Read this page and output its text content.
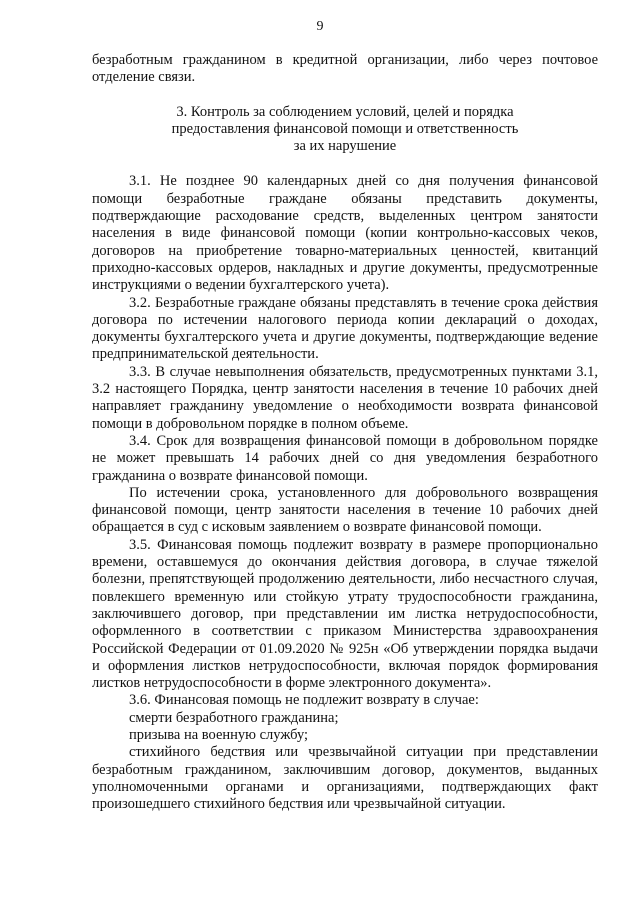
9

безработным гражданином в кредитной организации, либо через почтовое отделение связи.

3. Контроль за соблюдением условий, целей и порядка
предоставления финансовой помощи и ответственность
за их нарушение

3.1. Не позднее 90 календарных дней со дня получения финансовой помощи безработные граждане обязаны представить документы, подтверждающие расходование средств, выделенных центром занятости населения в виде финансовой помощи (копии контрольно-кассовых чеков, договоров на приобретение товарно-материальных ценностей, квитанций приходно-кассовых ордеров, накладных и другие документы, предусмотренные инструкциями о ведении бухгалтерского учета).

3.2. Безработные граждане обязаны представлять в течение срока действия договора по истечении налогового периода копии деклараций о доходах, документы бухгалтерского учета и другие документы, подтверждающие ведение предпринимательской деятельности.

3.3. В случае невыполнения обязательств, предусмотренных пунктами 3.1, 3.2 настоящего Порядка, центр занятости населения в течение 10 рабочих дней направляет гражданину уведомление о необходимости возврата финансовой помощи в добровольном порядке в полном объеме.

3.4. Срок для возвращения финансовой помощи в добровольном порядке не может превышать 14 рабочих дней со дня уведомления безработного гражданина о возврате финансовой помощи.

По истечении срока, установленного для добровольного возвращения финансовой помощи, центр занятости населения в течение 10 рабочих дней обращается в суд с исковым заявлением о возврате финансовой помощи.

3.5. Финансовая помощь подлежит возврату в размере пропорционально времени, оставшемуся до окончания действия договора, в случае тяжелой болезни, препятствующей продолжению деятельности, либо несчастного случая, повлекшего временную или стойкую утрату трудоспособности гражданина, заключившего договор, при представлении им листка нетрудоспособности, оформленного в соответствии с приказом Министерства здравоохранения Российской Федерации от 01.09.2020 № 925н «Об утверждении порядка выдачи и оформления листков нетрудоспособности, включая порядок формирования листков нетрудоспособности в форме электронного документа».

3.6. Финансовая помощь не подлежит возврату в случае:

смерти безработного гражданина;

призыва на военную службу;

стихийного бедствия или чрезвычайной ситуации при представлении безработным гражданином, заключившим договор, документов, выданных уполномоченными органами и организациями, подтверждающих факт произошедшего стихийного бедствия или чрезвычайной ситуации.
